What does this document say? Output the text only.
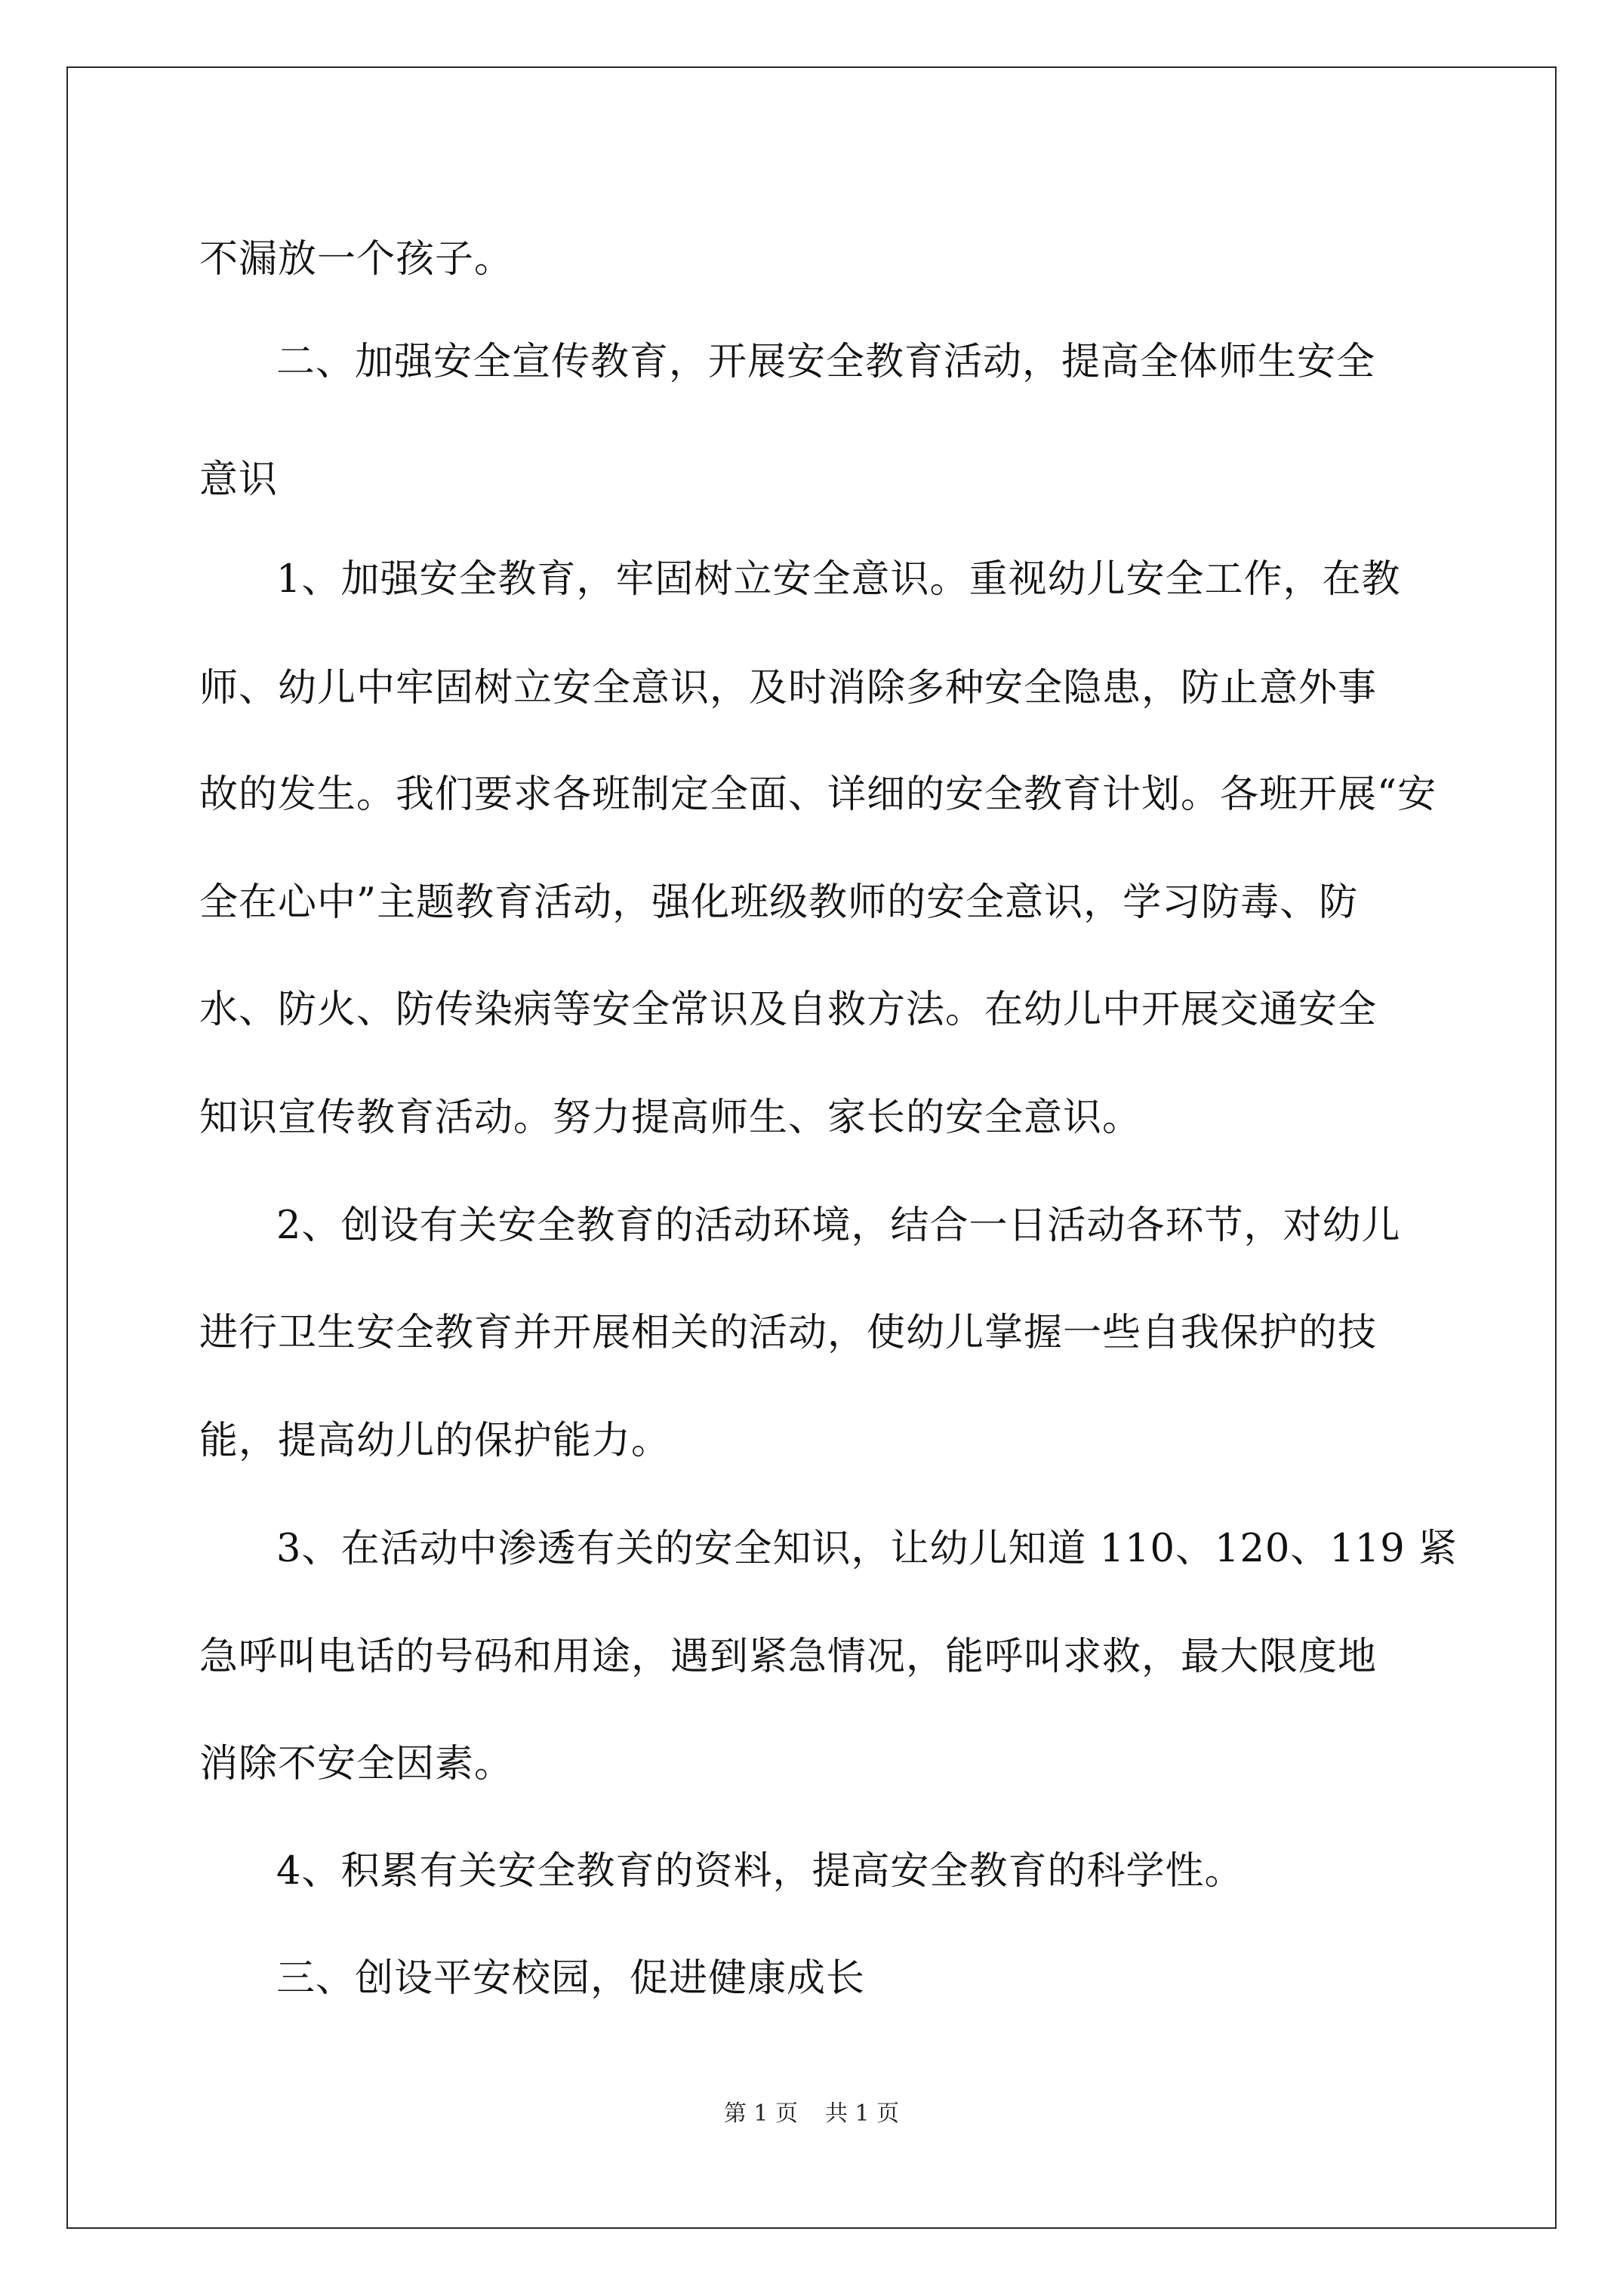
不漏放一个孩子。
二、加强安全宣传教育，开展安全教育活动，提高全体师生安全
意识
1、加强安全教育，牢固树立安全意识。重视幼儿安全工作，在教
师、幼儿中牢固树立安全意识，及时消除多种安全隐患，防止意外事
故的发生。我们要求各班制定全面、详细的安全教育计划。各班开展“安
全在心中”主题教育活动，强化班级教师的安全意识，学习防毒、防
水、防火、防传染病等安全常识及自救方法。在幼儿中开展交通安全
知识宣传教育活动。努力提高师生、家长的安全意识。
2、创设有关安全教育的活动环境，结合一日活动各环节，对幼儿
进行卫生安全教育并开展相关的活动，使幼儿掌握一些自我保护的技
能，提高幼儿的保护能力。
3、在活动中渗透有关的安全知识，让幼儿知道 110、120、119 紧
急呼叫电话的号码和用途，遇到紧急情况，能呼叫求救，最大限度地
消除不安全因素。
4、积累有关安全教育的资料，提高安全教育的科学性。
三、创设平安校园，促进健康成长
第 1 页 共 1 页
